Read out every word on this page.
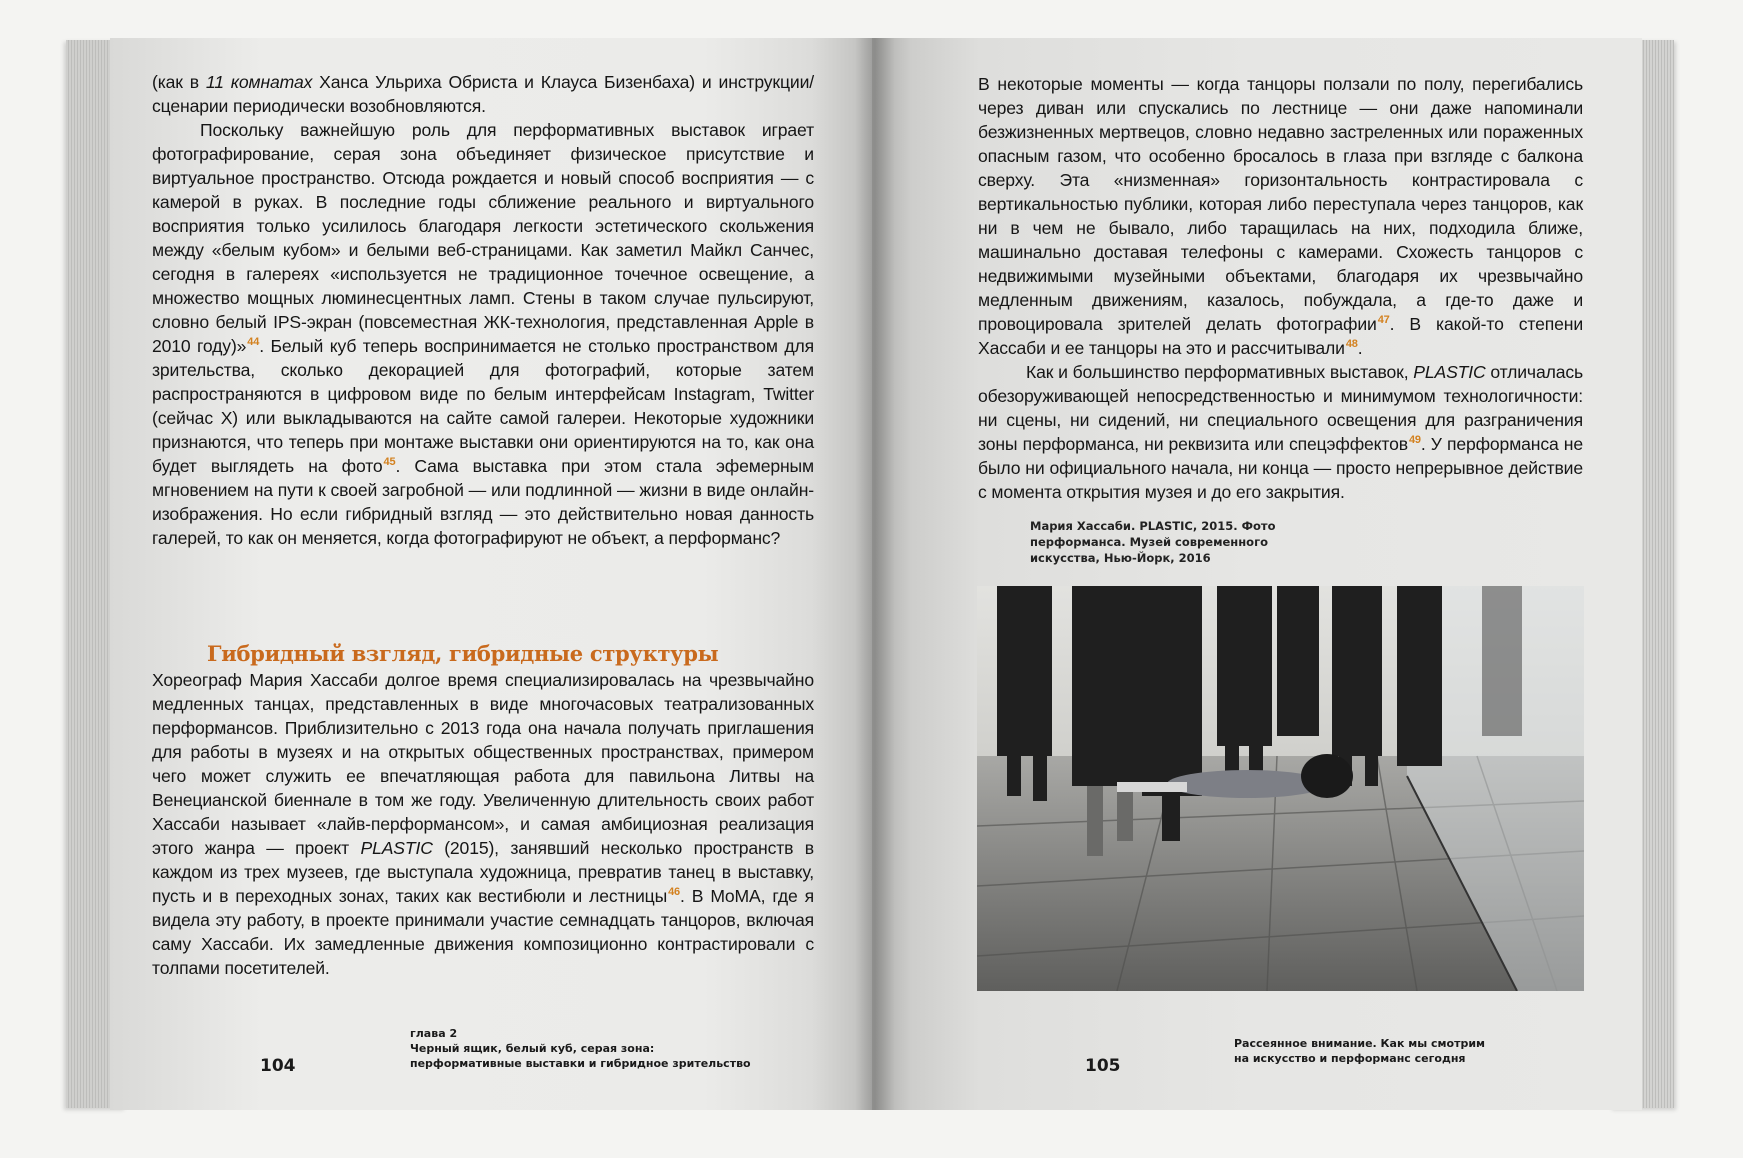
(как в 11 комнатах Ханса Ульриха Обриста и Клауса Бизенбаха) и инструкции/сценарии периодически возобновляются.

Поскольку важнейшую роль для перформативных выставок играет фотографирование, серая зона объединяет физическое присутствие и виртуальное пространство. Отсюда рождается и новый способ восприятия — с камерой в руках. В последние годы сближение реального и виртуального восприятия только усилилось благодаря легкости эстетического скольжения между «белым кубом» и белыми веб-страницами. Как заметил Майкл Санчес, сегодня в галереях «используется не традиционное точечное освещение, а множество мощных люминесцентных ламп. Стены в таком случае пульсируют, словно белый IPS-экран (повсеместная ЖК-технология, представленная Apple в 2010 году)»$^{44}$. Белый куб теперь воспринимается не столько пространством для зрительства, сколько декорацией для фотографий, которые затем распространяются в цифровом виде по белым интерфейсам Instagram, Twitter (сейчас X) или выкладываются на сайте самой галереи. Некоторые художники признаются, что теперь при монтаже выставки они ориентируются на то, как она будет выглядеть на фото$^{45}$. Сама выставка при этом стала эфемерным мгновением на пути к своей загробной — или подлинной — жизни в виде онлайн-изображения. Но если гибридный взгляд — это действительно новая данность галерей, то как он меняется, когда фотографируют не объект, а перформанс?

Гибридный взгляд, гибридные структуры

Хореограф Мария Хассаби долгое время специализировалась на чрезвычайно медленных танцах, представленных в виде многочасовых театрализованных перформансов. Приблизительно с 2013 года она начала получать приглашения для работы в музеях и на открытых общественных пространствах, примером чего может служить ее впечатляющая работа для павильона Литвы на Венецианской биеннале в том же году. Увеличенную длительность своих работ Хассаби называет «лайв-перформансом», и самая амбициозная реализация этого жанра — проект PLASTIC (2015), занявший несколько пространств в каждом из трех музеев, где выступала художница, превратив танец в выставку, пусть и в переходных зонах, таких как вестибюли и лестницы$^{46}$. В MoMA, где я видела эту работу, в проекте принимали участие семнадцать танцоров, включая саму Хассаби. Их замедленные движения композиционно контрастировали с толпами посетителей.

104
глава 2
Черный ящик, белый куб, серая зона:
перформативные выставки и гибридное зрительство

В некоторые моменты — когда танцоры ползали по полу, перегибались через диван или спускались по лестнице — они даже напоминали безжизненных мертвецов, словно недавно застреленных или пораженных опасным газом, что особенно бросалось в глаза при взгляде с балкона сверху. Эта «низменная» горизонтальность контрастировала с вертикальностью публики, которая либо переступала через танцоров, как ни в чем не бывало, либо таращилась на них, подходила ближе, машинально доставая телефоны с камерами. Схожесть танцоров с недвижимыми музейными объектами, благодаря их чрезвычайно медленным движениям, казалось, побуждала, а где-то даже и провоцировала зрителей делать фотографии$^{47}$. В какой-то степени Хассаби и ее танцоры на это и рассчитывали$^{48}$.

Как и большинство перформативных выставок, PLASTIC отличалась обезоруживающей непосредственностью и минимумом технологичности: ни сцены, ни сидений, ни специального освещения для разграничения зоны перформанса, ни реквизита или спецэффектов$^{49}$. У перформанса не было ни официального начала, ни конца — просто непрерывное действие с момента открытия музея и до его закрытия.

Мария Хассаби. PLASTIC, 2015. Фото
перформанса. Музей современного
искусства, Нью-Йорк, 2016
105
Рассеянное внимание. Как мы смотрим
на искусство и перформанс сегодня
